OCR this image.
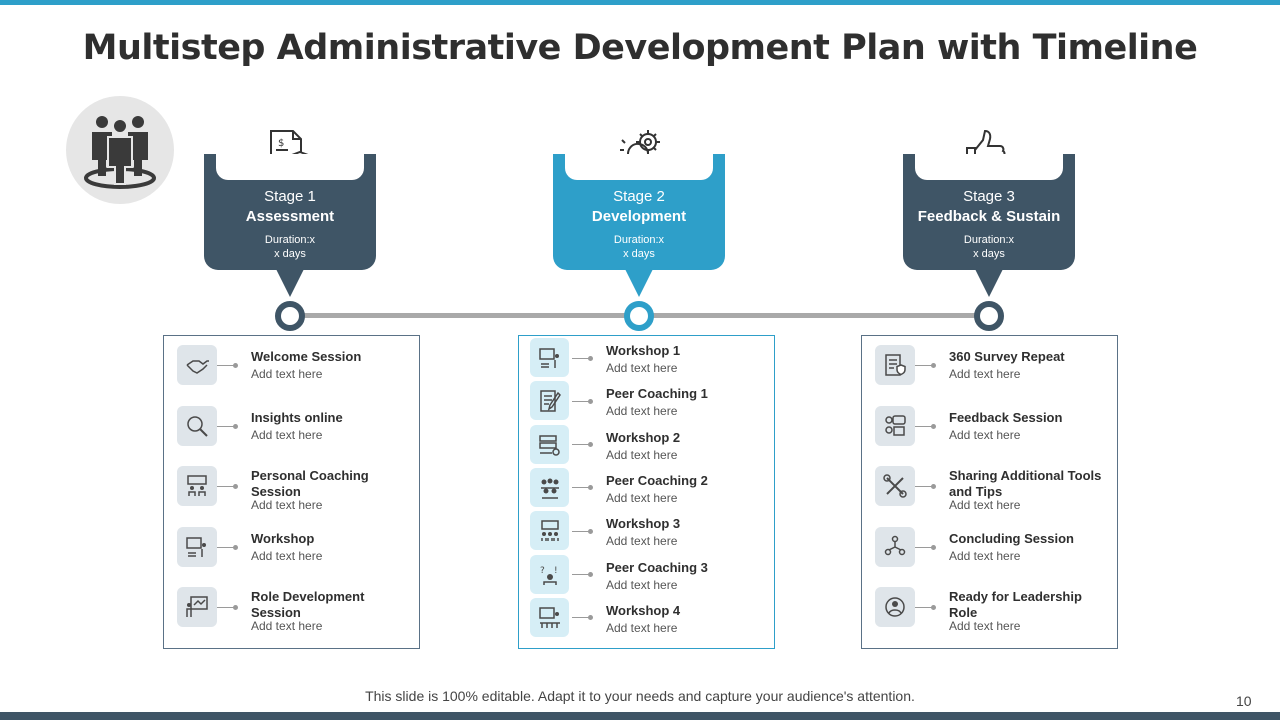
Multistep Administrative Development Plan with Timeline
$
Stage 1
Assessment
Duration:x
x days
Stage 2
Development
Duration:x
x days
Stage 3
Feedback & Sustain
Duration:x
x days
Welcome Session
Add text here
Insights online
Add text here
Personal Coaching Session
Add text here
Workshop
Add text here
Role Development Session
Add text here
Workshop 1
Add text here
Peer Coaching 1
Add text here
Workshop 2
Add text here
Peer Coaching 2
Add text here
Workshop 3
Add text here
? !	Peer Coaching 3
Add text here
Workshop 4
Add text here
360 Survey Repeat
Add text here
Feedback Session
Add text here
Sharing Additional Tools and Tips
Add text here
Concluding Session
Add text here
Ready for Leadership Role
Add text here
This slide is 100% editable. Adapt it to your needs and capture your audience's attention.	10
